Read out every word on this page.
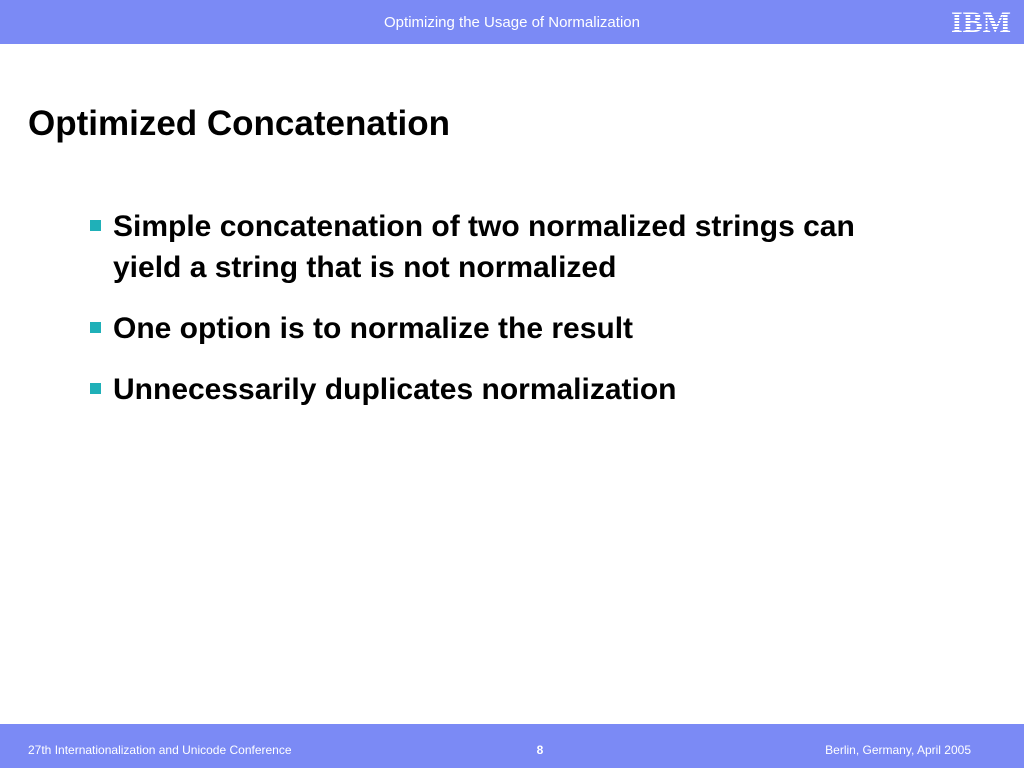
Optimizing the Usage of Normalization
Optimized Concatenation
Simple concatenation of two normalized strings can yield a string that is not normalized
One option is to normalize the result
Unnecessarily duplicates normalization
27th Internationalization and Unicode Conference	8	Berlin, Germany, April 2005
